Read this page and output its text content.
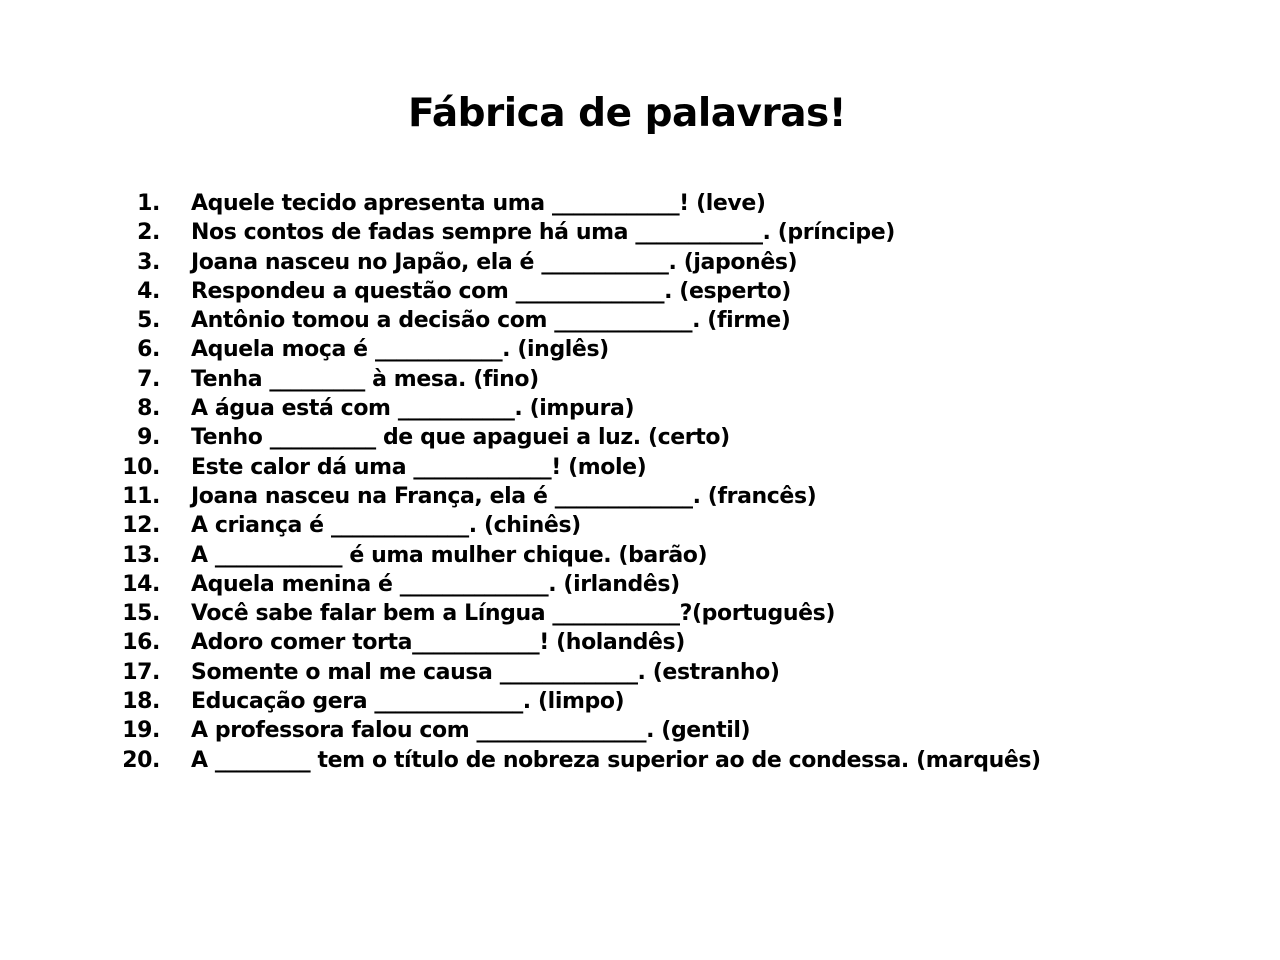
Fábrica de palavras!
1. Aquele tecido apresenta uma ____________! (leve)
2. Nos contos de fadas sempre há uma ____________. (príncipe)
3. Joana nasceu no Japão, ela é ____________. (japonês)
4. Respondeu a questão com ______________. (esperto)
5. Antônio tomou a decisão com _____________. (firme)
6. Aquela moça é ____________. (inglês)
7. Tenha _________ à mesa. (fino)
8. A água está com ___________. (impura)
9. Tenho __________ de que apaguei a luz. (certo)
10. Este calor dá uma _____________! (mole)
11. Joana nasceu na França, ela é _____________. (francês)
12. A criança é _____________. (chinês)
13. A ____________ é uma mulher chique. (barão)
14. Aquela menina é ______________. (irlandês)
15. Você sabe falar bem a Língua ____________?(português)
16. Adoro comer torta____________! (holandês)
17. Somente o mal me causa _____________. (estranho)
18. Educação gera ______________. (limpo)
19. A professora falou com ________________. (gentil)
20. A _________ tem o título de nobreza superior ao de condessa. (marquês)
